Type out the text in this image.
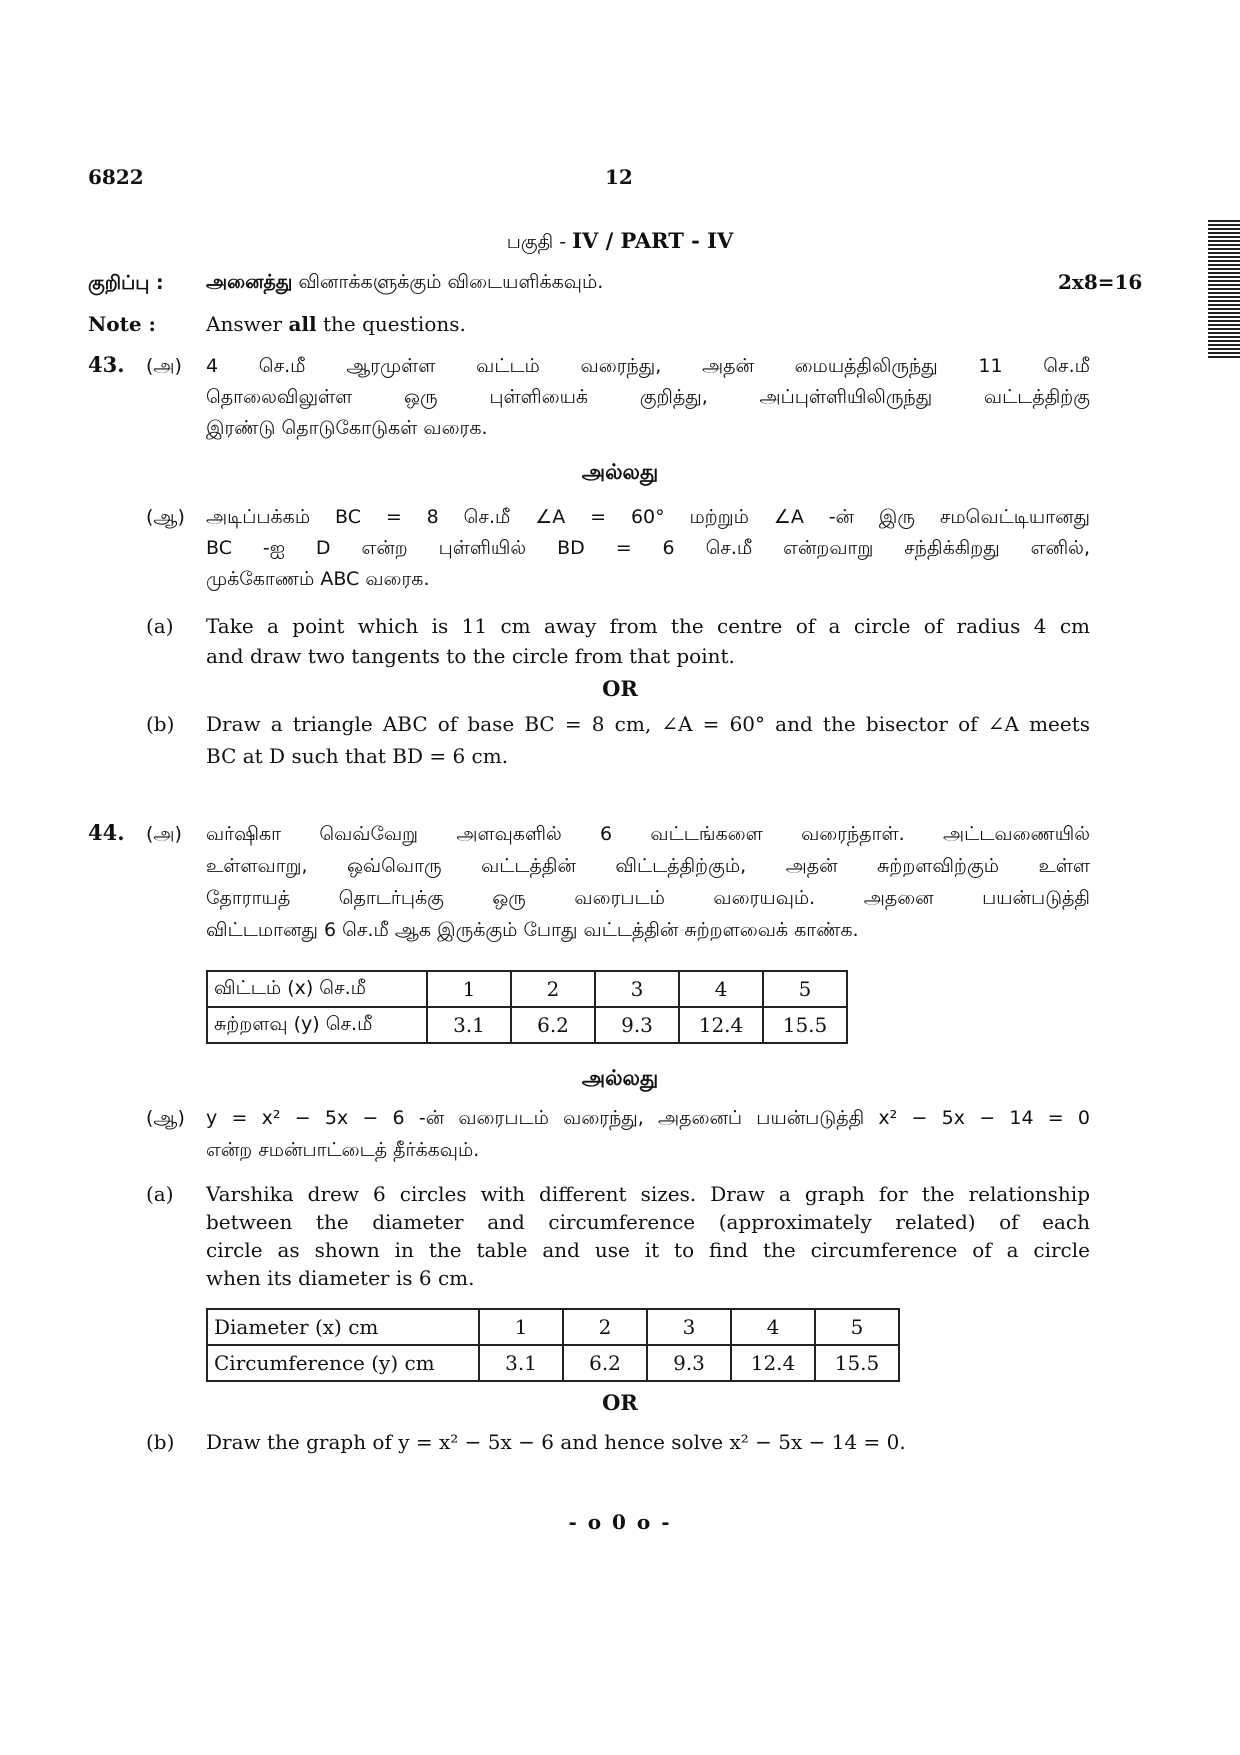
6822	12
பகுதி - IV / PART - IV
குறிப்பு : அனைத்து வினாக்களுக்கும் விடையளிக்கவும்.	2x8=16
Note :	Answer all the questions.
43. (அ) 4 செ.மீ ஆரமுள்ள வட்டம் வரைந்து, அதன் மையத்திலிருந்து 11 செ.மீ
தொலைவிலுள்ள ஒரு புள்ளியைக் குறித்து, அப்புள்ளியிலிருந்து வட்டத்திற்கு
இரண்டு தொடுகோடுகள் வரைக.
அல்லது
(ஆ) அடிப்பக்கம் BC = 8 செ.மீ ∠A = 60° மற்றும் ∠A -ன் இரு சமவெட்டியானது
BC -ஐ D என்ற புள்ளியில் BD = 6 செ.மீ என்றவாறு சந்திக்கிறது எனில்,
முக்கோணம் ABC வரைக.
(a) Take a point which is 11 cm away from the centre of a circle of radius 4 cm
and draw two tangents to the circle from that point.
OR
(b) Draw a triangle ABC of base BC = 8 cm, ∠A = 60° and the bisector of ∠A meets
BC at D such that BD = 6 cm.
44. (அ) வர்ஷிகா வெவ்வேறு அளவுகளில் 6 வட்டங்களை வரைந்தாள். அட்டவணையில்
உள்ளவாறு, ஒவ்வொரு வட்டத்தின் விட்டத்திற்கும், அதன் சுற்றளவிற்கும் உள்ள
தோராயத் தொடர்புக்கு ஒரு வரைபடம் வரையவும். அதனை பயன்படுத்தி
விட்டமானது 6 செ.மீ ஆக இருக்கும் போது வட்டத்தின் சுற்றளவைக் காண்க.
விட்டம் (x) செ.மீ	1	2	3	4	5
சுற்றளவு (y) செ.மீ	3.1	6.2	9.3	12.4	15.5
அல்லது
(ஆ) y = x² − 5x − 6 -ன் வரைபடம் வரைந்து, அதனைப் பயன்படுத்தி x² − 5x − 14 = 0
என்ற சமன்பாட்டைத் தீர்க்கவும்.
(a) Varshika drew 6 circles with different sizes. Draw a graph for the relationship
between the diameter and circumference (approximately related) of each
circle as shown in the table and use it to find the circumference of a circle
when its diameter is 6 cm.
Diameter (x) cm	1	2	3	4	5
Circumference (y) cm	3.1	6.2	9.3	12.4	15.5
OR
(b) Draw the graph of y = x² − 5x − 6 and hence solve x² − 5x − 14 = 0.
- o 0 o -
